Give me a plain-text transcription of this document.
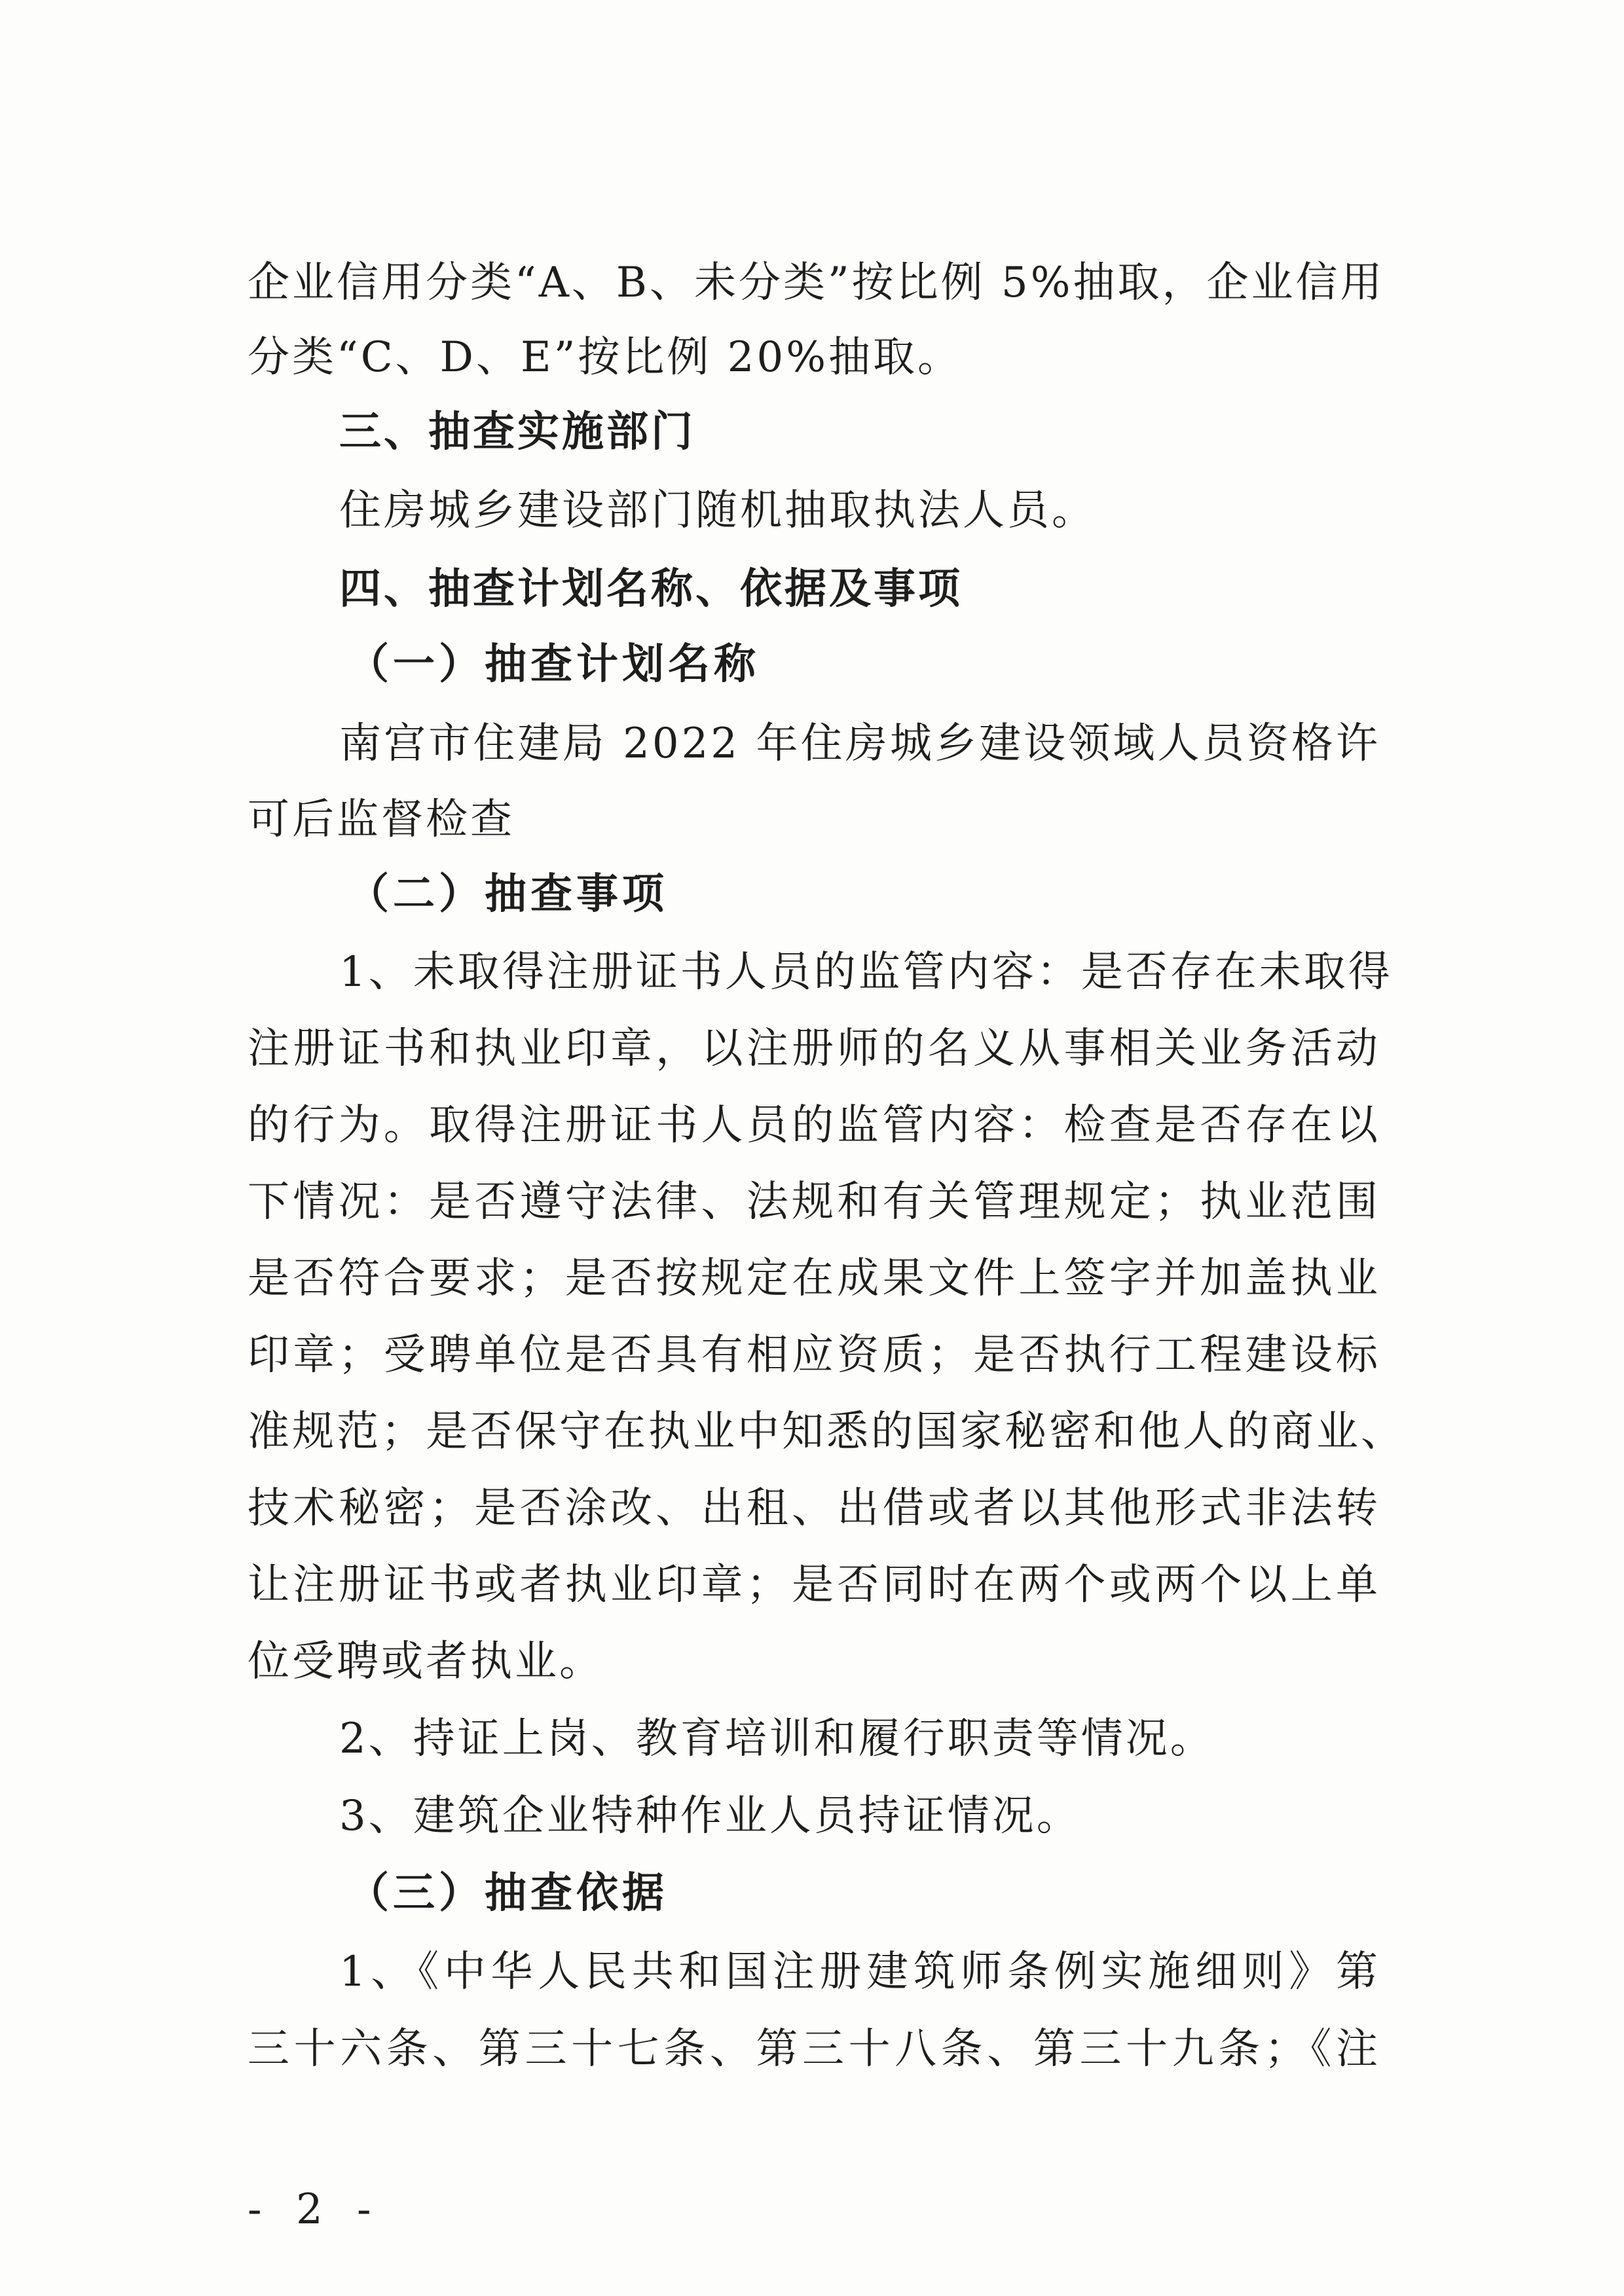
企业信用分类“A、B、未分类”按比例 5%抽取，企业信用
分类“C、D、E”按比例 20%抽取。
三、抽查实施部门
住房城乡建设部门随机抽取执法人员。
四、抽查计划名称、依据及事项
（一）抽查计划名称
南宫市住建局 2022 年住房城乡建设领域人员资格许
可后监督检查
（二）抽查事项
1、未取得注册证书人员的监管内容：是否存在未取得
注册证书和执业印章，以注册师的名义从事相关业务活动
的行为。取得注册证书人员的监管内容：检查是否存在以
下情况：是否遵守法律、法规和有关管理规定；执业范围
是否符合要求；是否按规定在成果文件上签字并加盖执业
印章；受聘单位是否具有相应资质；是否执行工程建设标
准规范；是否保守在执业中知悉的国家秘密和他人的商业、
技术秘密；是否涂改、出租、出借或者以其他形式非法转
让注册证书或者执业印章；是否同时在两个或两个以上单
位受聘或者执业。
2、持证上岗、教育培训和履行职责等情况。
3、建筑企业特种作业人员持证情况。
（三）抽查依据
1、《中华人民共和国注册建筑师条例实施细则》第
三十六条、第三十七条、第三十八条、第三十九条；《注
- 2 -
